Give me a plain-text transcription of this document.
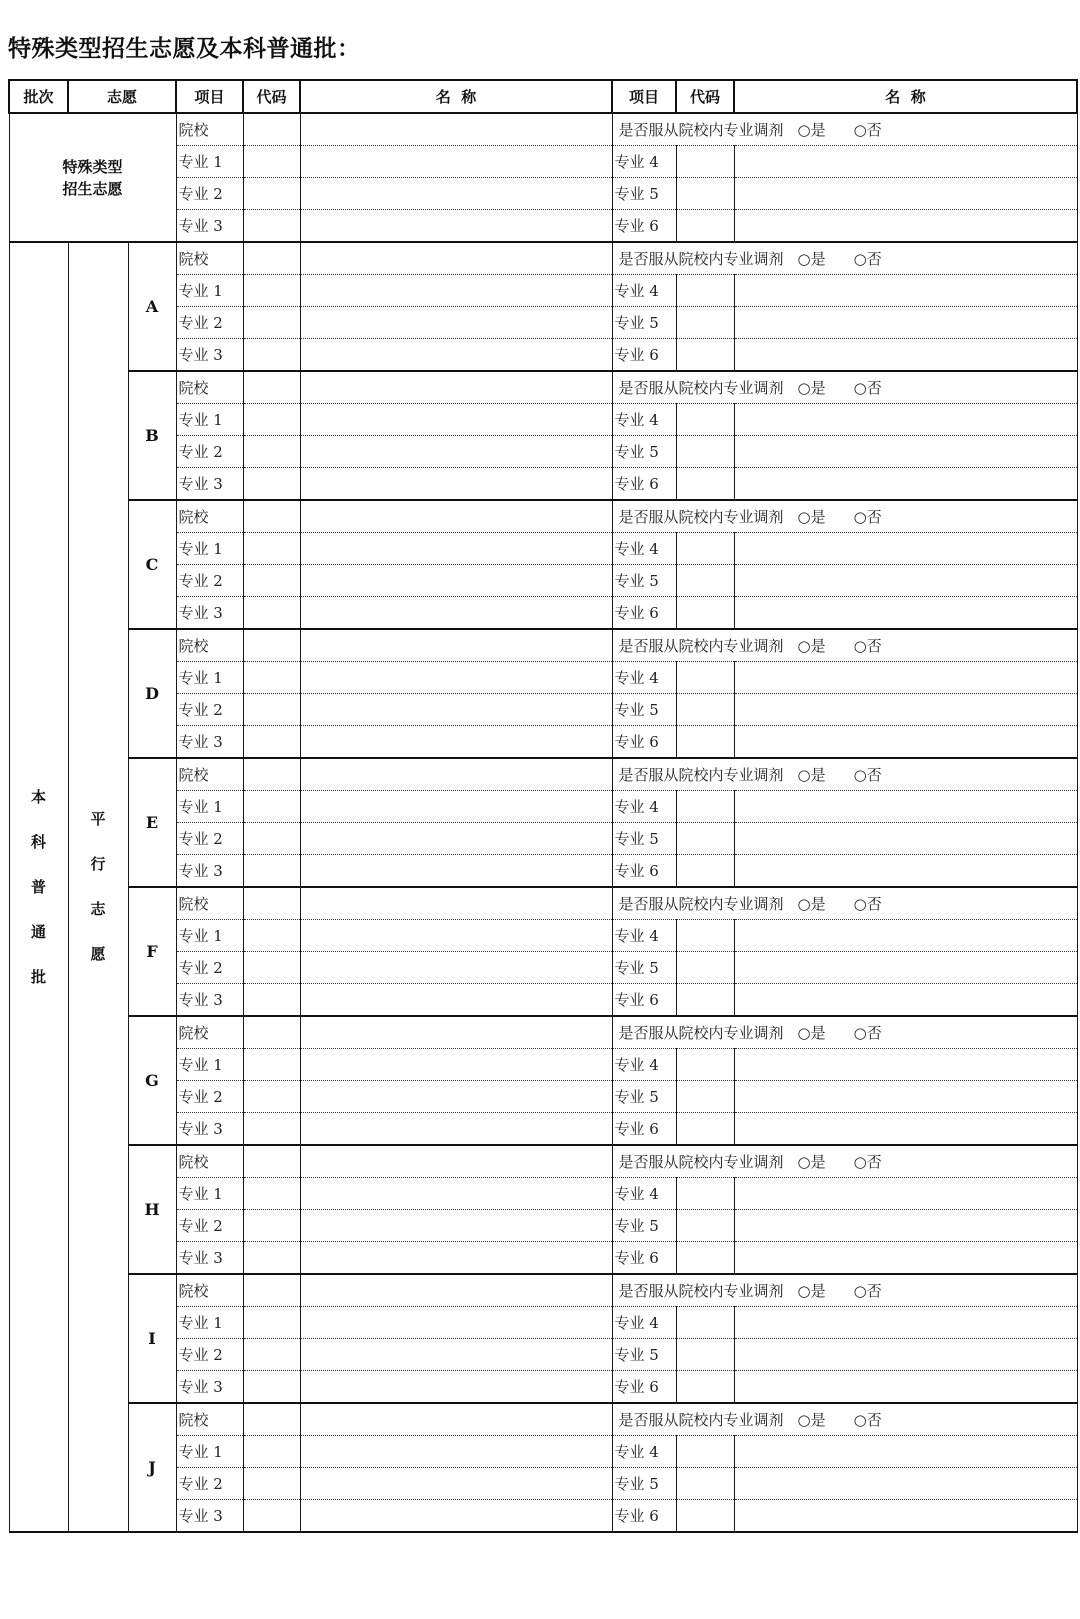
特殊类型招生志愿及本科普通批：
批次	志愿		项目	代码	名  称	项目	代码	名  称
特殊类型
招生志愿			院校			是否服从院校内专业调剂 ○是 ○否		
			专业 1			专业 4		
			专业 2			专业 5		
			专业 3			专业 6		

本
科
普
通
批	平
行
志
愿	A	院校			是否服从院校内专业调剂 ○是 ○否		
			专业 1			专业 4		
			专业 2			专业 5		
			专业 3			专业 6		
		B	院校			是否服从院校内专业调剂 ○是 ○否		
			专业 1			专业 4		
			专业 2			专业 5		
			专业 3			专业 6		
		C	院校			是否服从院校内专业调剂 ○是 ○否		
			专业 1			专业 4		
			专业 2			专业 5		
			专业 3			专业 6		
		D	院校			是否服从院校内专业调剂 ○是 ○否		
			专业 1			专业 4		
			专业 2			专业 5		
			专业 3			专业 6		
		E	院校			是否服从院校内专业调剂 ○是 ○否		
			专业 1			专业 4		
			专业 2			专业 5		
			专业 3			专业 6		
		F	院校			是否服从院校内专业调剂 ○是 ○否		
			专业 1			专业 4		
			专业 2			专业 5		
			专业 3			专业 6		
		G	院校			是否服从院校内专业调剂 ○是 ○否		
			专业 1			专业 4		
			专业 2			专业 5		
			专业 3			专业 6		
		H	院校			是否服从院校内专业调剂 ○是 ○否		
			专业 1			专业 4		
			专业 2			专业 5		
			专业 3			专业 6		
		I	院校			是否服从院校内专业调剂 ○是 ○否		
			专业 1			专业 4		
			专业 2			专业 5		
			专业 3			专业 6		
		J	院校			是否服从院校内专业调剂 ○是 ○否		
			专业 1			专业 4		
			专业 2			专业 5		
			专业 3			专业 6		
